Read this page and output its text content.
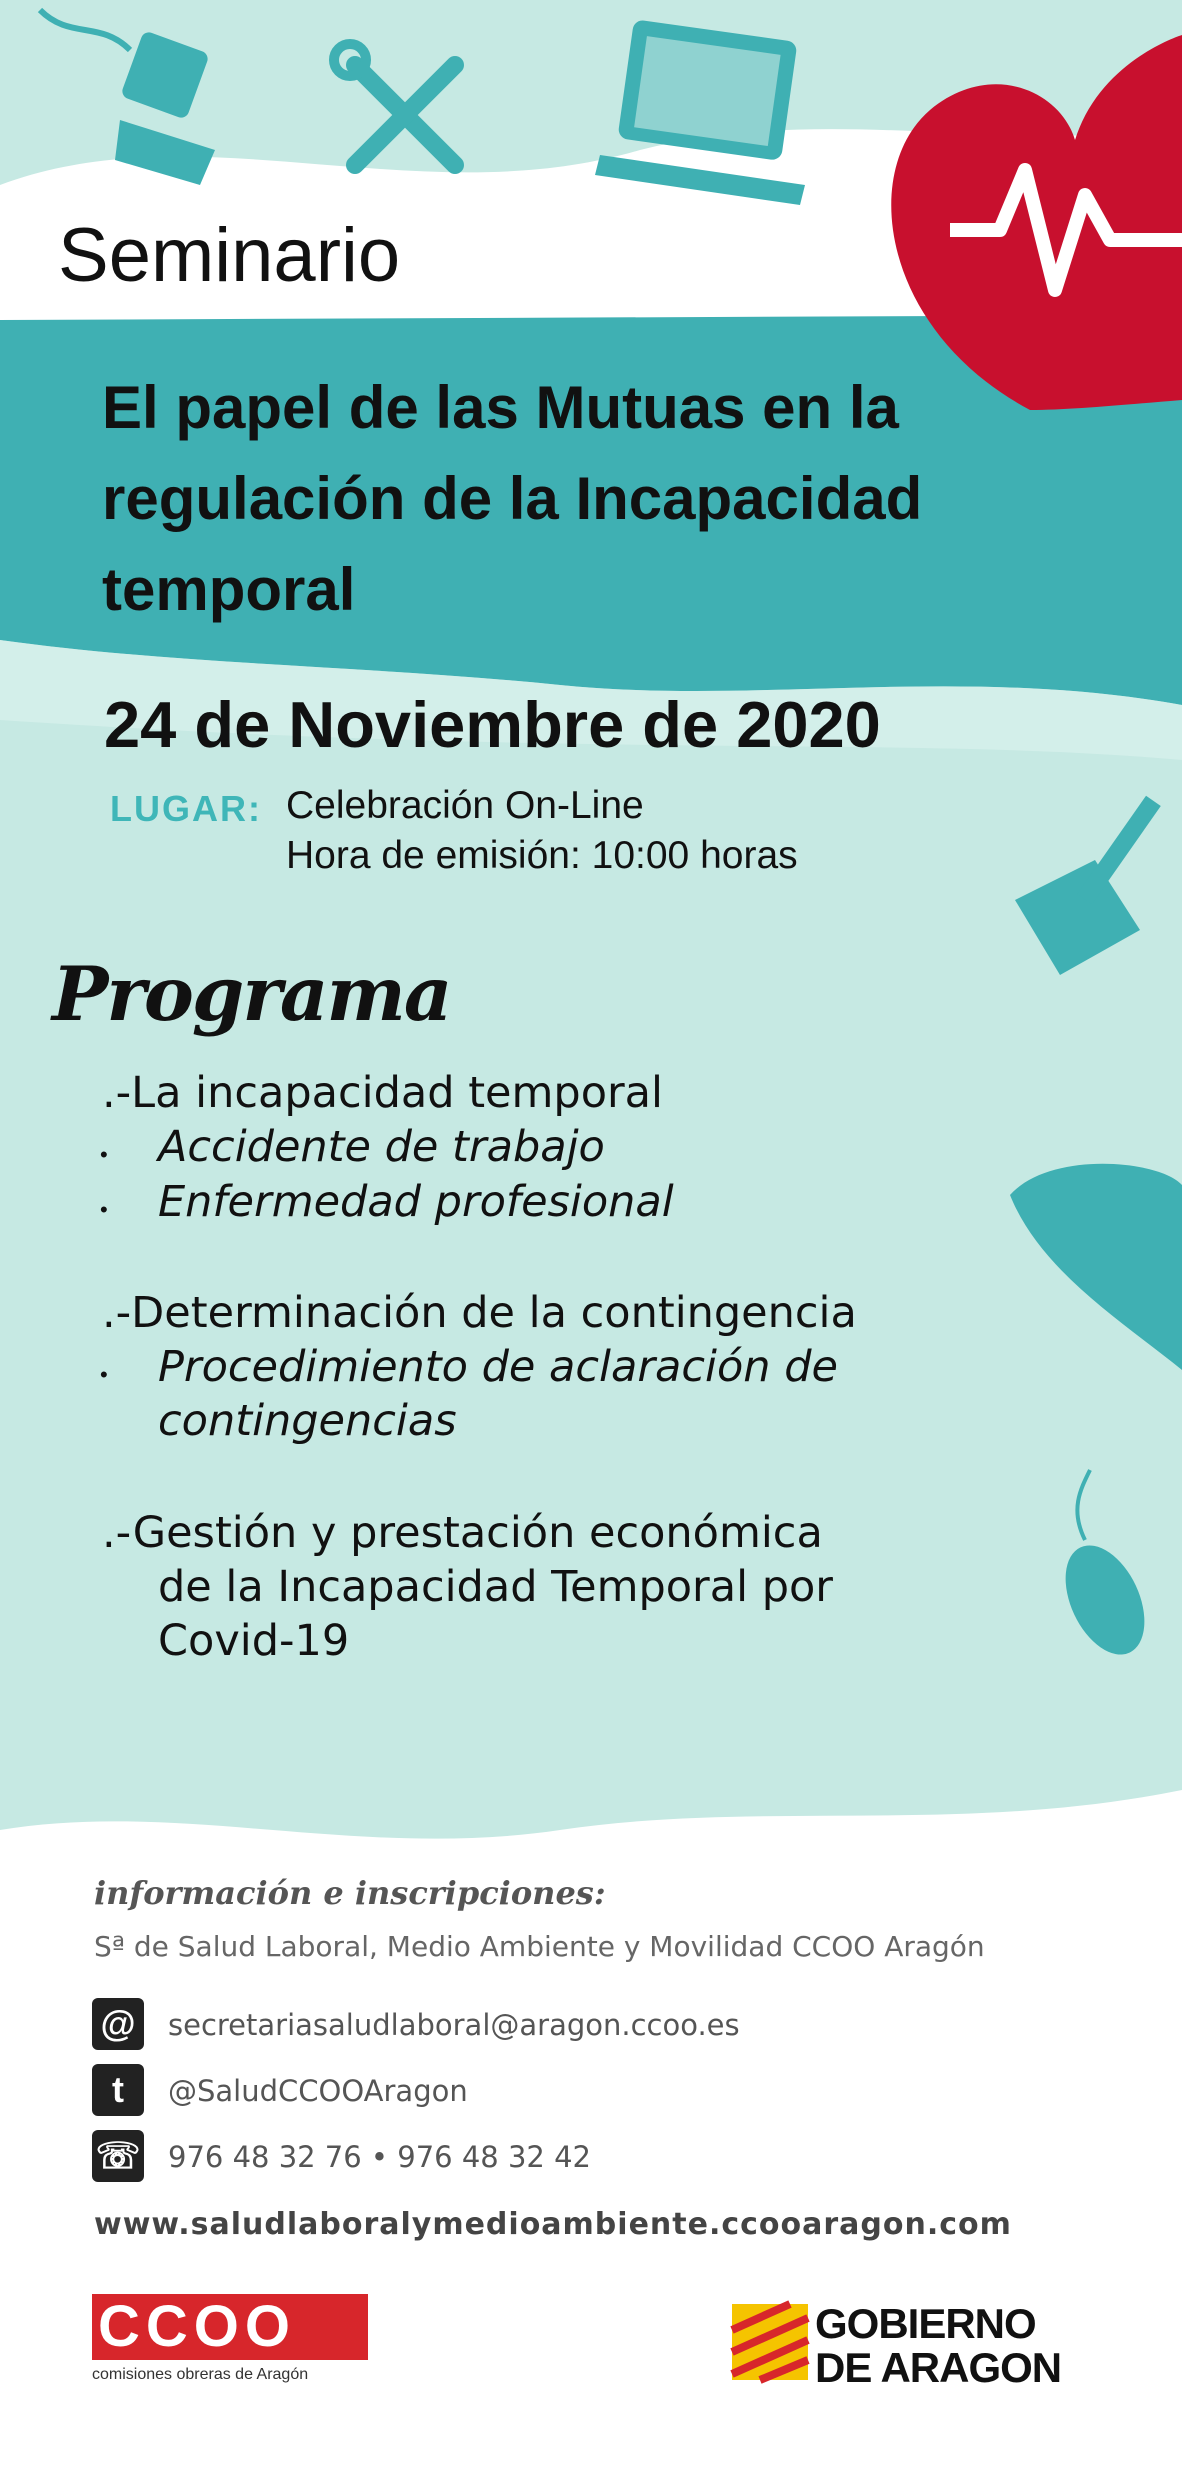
Seminario
El papel de las Mutuas en la
regulación de la Incapacidad
temporal
24 de Noviembre de 2020
LUGAR: Celebración On-Line
Hora de emisión: 10:00 horas
Programa
.-La incapacidad temporal
• Accidente de trabajo
• Enfermedad profesional
.-Determinación de la contingencia
• Procedimiento de aclaración de
contingencias
.-Gestión y prestación económica
de la Incapacidad Temporal por
Covid-19
información e inscripciones:
Sª de Salud Laboral, Medio Ambiente y Movilidad CCOO Aragón
@ secretariasaludlaboral@aragon.ccoo.es
t	@SaludCCOOAragon
☏ 976 48 32 76 • 976 48 32 42
www.saludlaboralymedioambiente.ccooaragon.com
CCOO
comisiones obreras de Aragón
GOBIERNO
DE ARAGON
